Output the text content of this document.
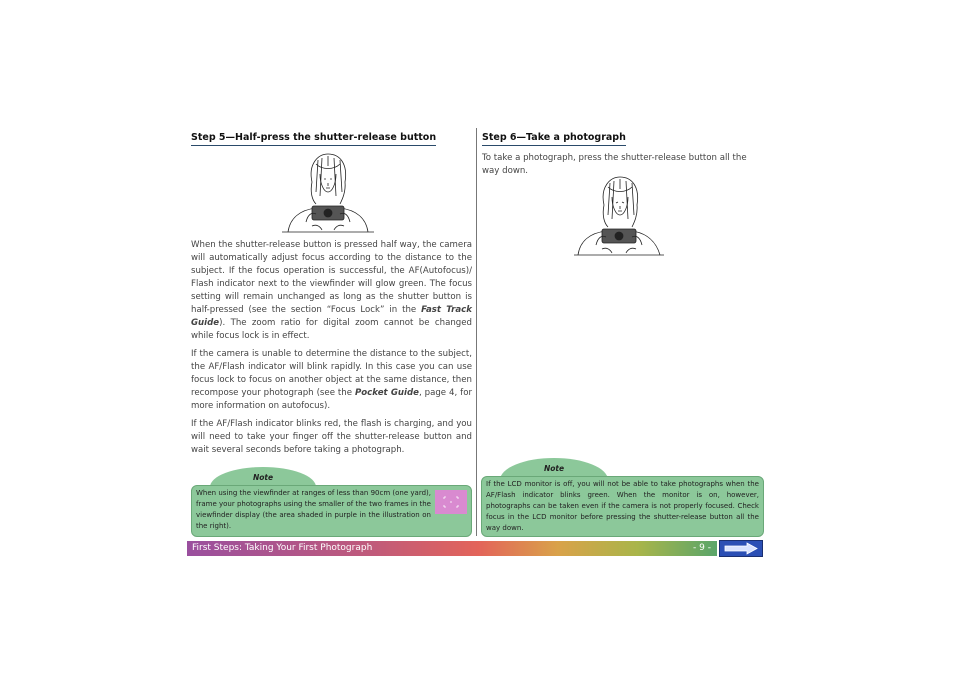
Step 5—Half-press the shutter-release button

When the shutter-release button is pressed half way, the camera will automatically adjust focus according to the distance to the subject. If the focus operation is successful, the AF(Autofocus)/ Flash indicator next to the viewfinder will glow green. The focus setting will remain unchanged as long as the shutter button is half-pressed (see the section “Focus Lock” in the Fast Track Guide). The zoom ratio for digital zoom cannot be changed while focus lock is in effect.

If the camera is unable to determine the distance to the subject, the AF/Flash indicator will blink rapidly. In this case you can use focus lock to focus on another object at the same distance, then recompose your photograph (see the Pocket Guide, page 4, for more information on autofocus).

If the AF/Flash indicator blinks red, the flash is charging, and you will need to take your finger off the shutter-release button and wait several seconds before taking a photograph.

Note
When using the viewfinder at ranges of less than 90cm (one yard), frame your photographs using the smaller of the two frames in the viewfinder display (the area shaded in purple in the illustration on the right).
Step 6—Take a photograph

To take a photograph, press the shutter-release button all the way down.

Note
If the LCD monitor is off, you will not be able to take photographs when the AF/Flash indicator blinks green. When the monitor is on, however, photographs can be taken even if the camera is not properly focused. Check focus in the LCD monitor before pressing the shutter-release button all the way down.
First Steps: Taking Your First Photograph	- 9 -
